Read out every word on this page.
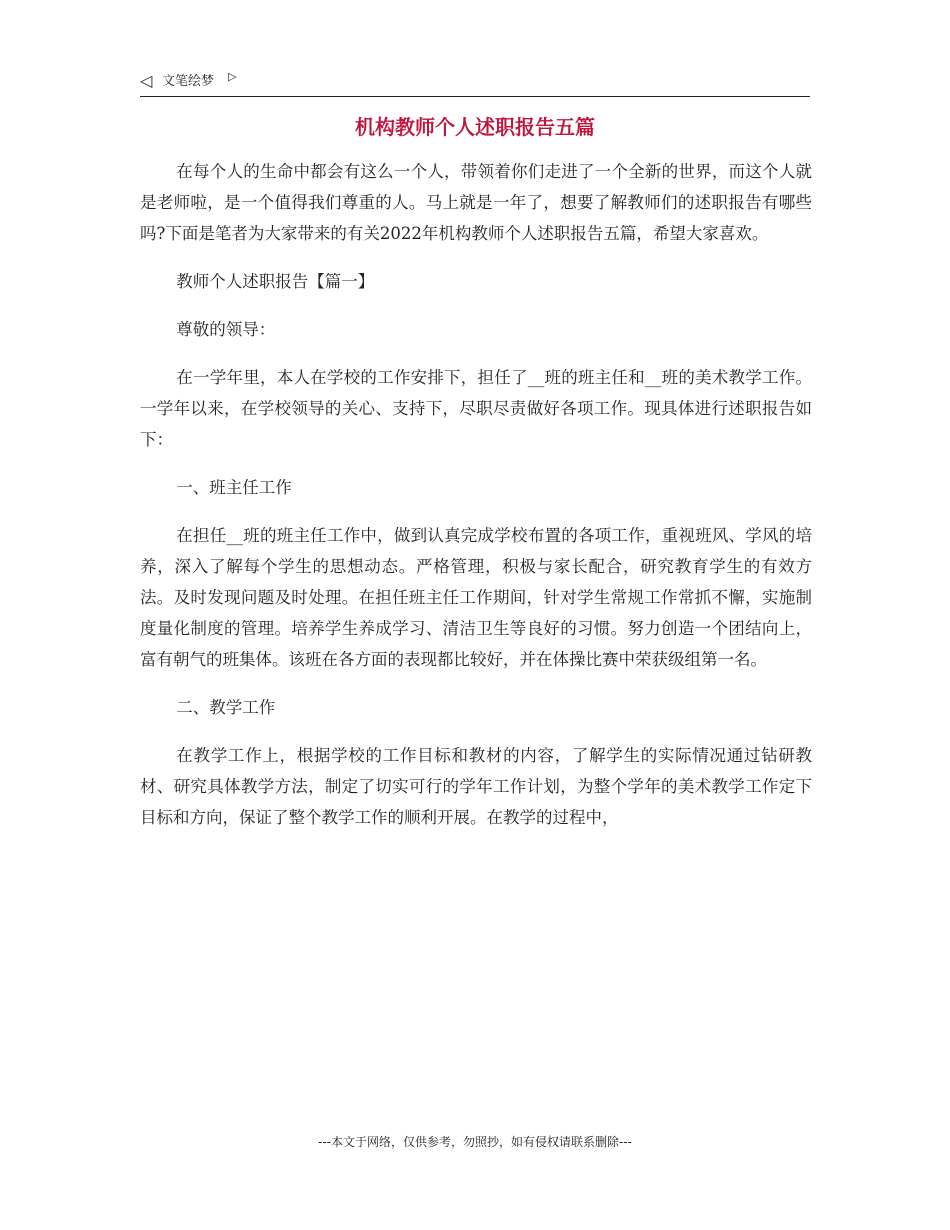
◁ 文笔绘梦 ▷
机构教师个人述职报告五篇

在每个人的生命中都会有这么一个人，带领着你们走进了一个全新的世界，而这个人就是老师啦，是一个值得我们尊重的人。马上就是一年了，想要了解教师们的述职报告有哪些吗?下面是笔者为大家带来的有关2022年机构教师个人述职报告五篇，希望大家喜欢。

教师个人述职报告【篇一】

尊敬的领导：

在一学年里，本人在学校的工作安排下，担任了__班的班主任和__班的美术教学工作。一学年以来，在学校领导的关心、支持下，尽职尽责做好各项工作。现具体进行述职报告如下：

一、班主任工作

在担任__班的班主任工作中，做到认真完成学校布置的各项工作，重视班风、学风的培养，深入了解每个学生的思想动态。严格管理，积极与家长配合，研究教育学生的有效方法。及时发现问题及时处理。在担任班主任工作期间，针对学生常规工作常抓不懈，实施制度量化制度的管理。培养学生养成学习、清洁卫生等良好的习惯。努力创造一个团结向上，富有朝气的班集体。该班在各方面的表现都比较好，并在体操比赛中荣获级组第一名。

二、教学工作

在教学工作上，根据学校的工作目标和教材的内容，了解学生的实际情况通过钻研教材、研究具体教学方法，制定了切实可行的学年工作计划，为整个学年的美术教学工作定下目标和方向，保证了整个教学工作的顺利开展。在教学的过程中，

---本文于网络，仅供参考，勿照抄，如有侵权请联系删除---
